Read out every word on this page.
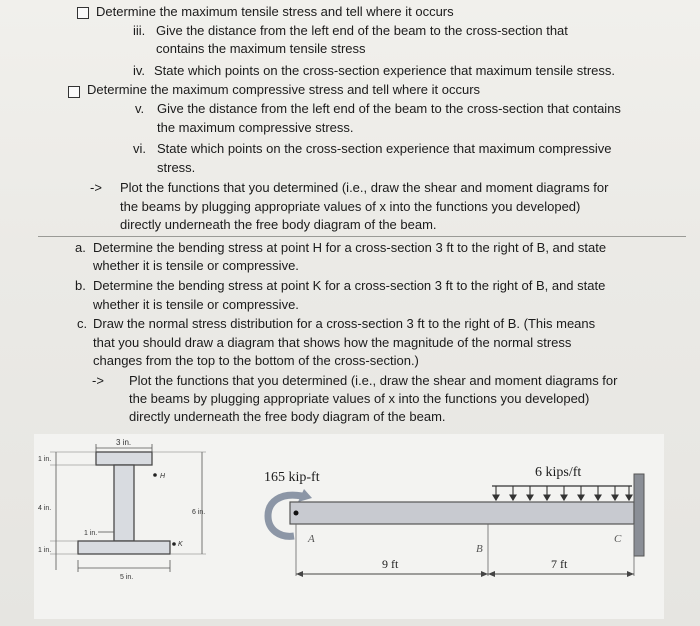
Determine the maximum tensile stress and tell where it occurs
iii. Give the distance from the left end of the beam to the cross-section that
contains the maximum tensile stress
iv. State which points on the cross-section experience that maximum tensile stress.
Determine the maximum compressive stress and tell where it occurs
v. Give the distance from the left end of the beam to the cross-section that contains
the maximum compressive stress.
vi. State which points on the cross-section experience that maximum compressive
stress.
-> Plot the functions that you determined (i.e., draw the shear and moment diagrams for
the beams by plugging appropriate values of x into the functions you developed)
directly underneath the free body diagram of the beam.
a. Determine the bending stress at point H for a cross-section 3 ft to the right of B, and state
whether it is tensile or compressive.
b. Determine the bending stress at point K for a cross-section 3 ft to the right of B, and state
whether it is tensile or compressive.
c. Draw the normal stress distribution for a cross-section 3 ft to the right of B. (This means
that you should draw a diagram that shows how the magnitude of the normal stress
changes from the top to the bottom of the cross-section.)
-> Plot the functions that you determined (i.e., draw the shear and moment diagrams for
the beams by plugging appropriate values of x into the functions you developed)
directly underneath the free body diagram of the beam.
3 in.
1 in.
4 in.
1 in.
1 in.
5 in.
6 in.
H
K
165 kip-ft	6 kips/ft
A
B
C
9 ft	7 ft
